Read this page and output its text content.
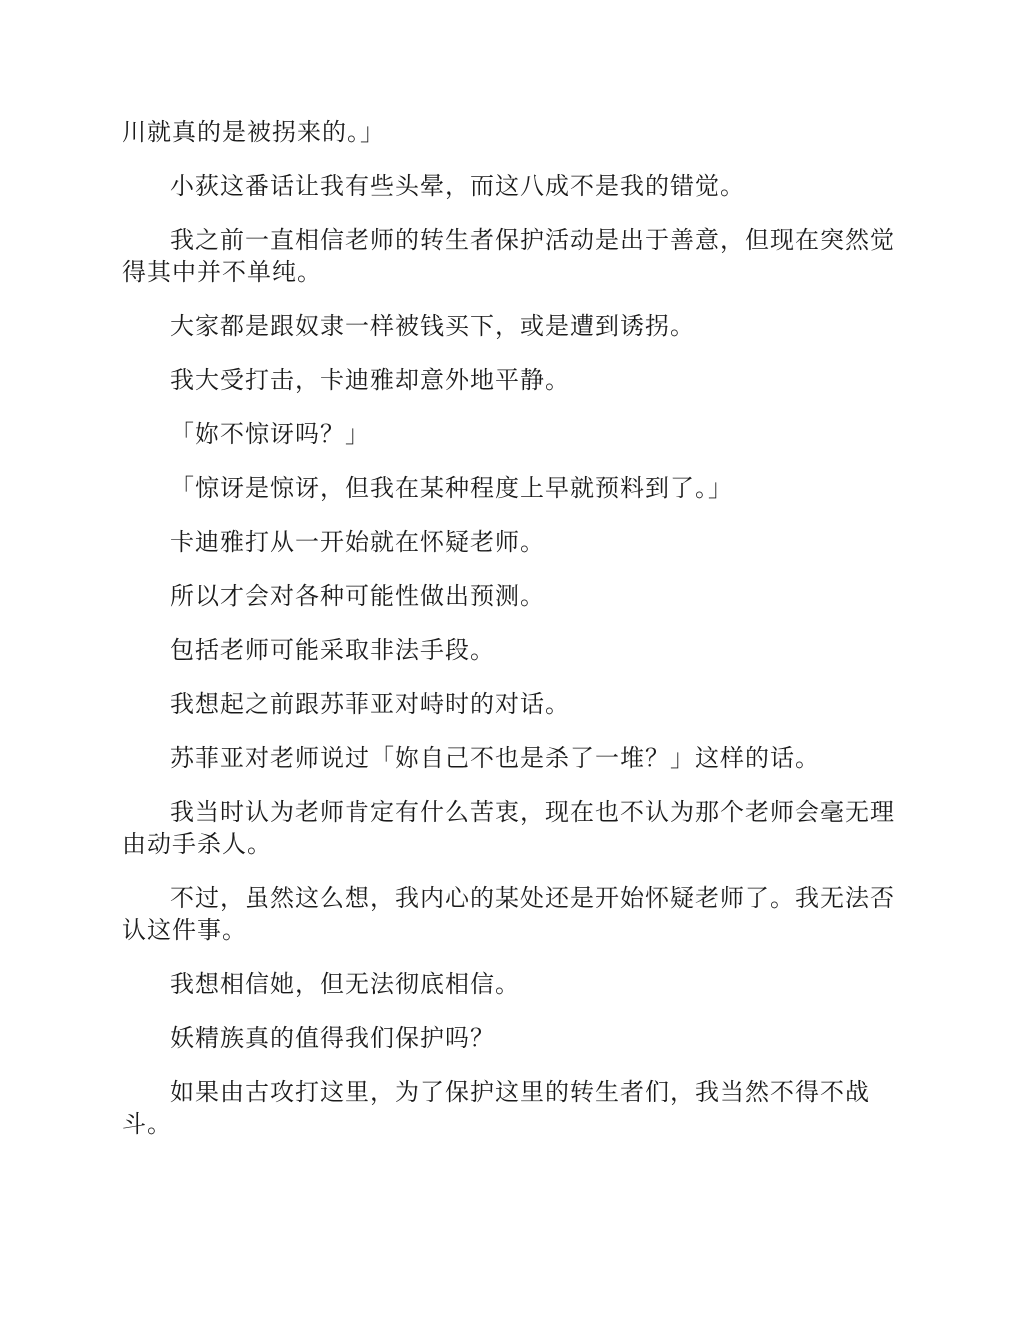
川就真的是被拐来的。」

小荻这番话让我有些头晕，而这八成不是我的错觉。

我之前一直相信老师的转生者保护活动是出于善意，但现在突然觉得其中并不单纯。

大家都是跟奴隶一样被钱买下，或是遭到诱拐。

我大受打击，卡迪雅却意外地平静。

「妳不惊讶吗？」

「惊讶是惊讶，但我在某种程度上早就预料到了。」

卡迪雅打从一开始就在怀疑老师。

所以才会对各种可能性做出预测。

包括老师可能采取非法手段。

我想起之前跟苏菲亚对峙时的对话。

苏菲亚对老师说过「妳自己不也是杀了一堆？」这样的话。

我当时认为老师肯定有什么苦衷，现在也不认为那个老师会毫无理由动手杀人。

不过，虽然这么想，我内心的某处还是开始怀疑老师了。我无法否认这件事。

我想相信她，但无法彻底相信。

妖精族真的值得我们保护吗？

如果由古攻打这里，为了保护这里的转生者们，我当然不得不战斗。
